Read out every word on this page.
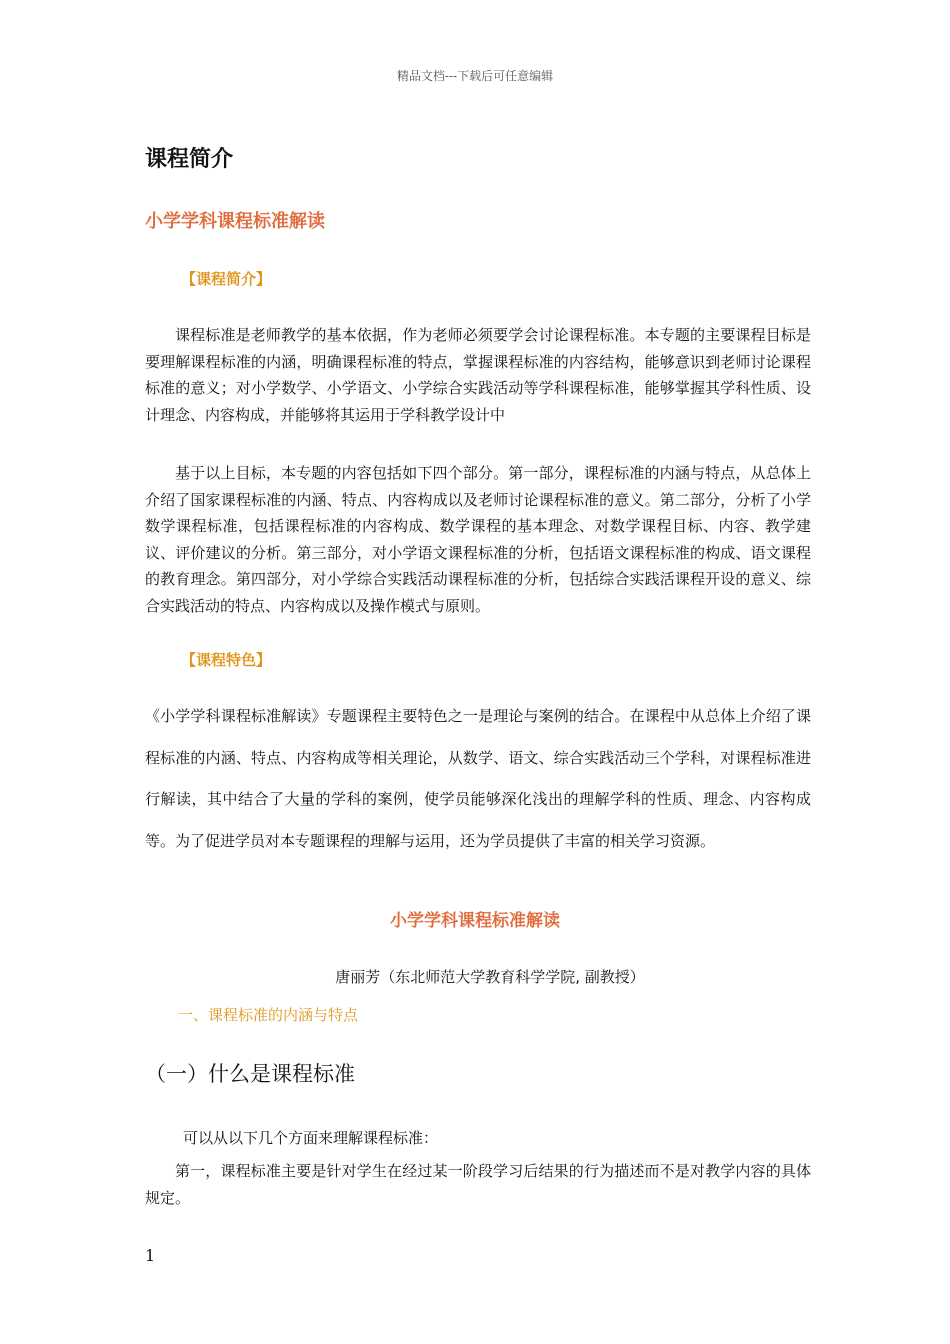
精品文档---下载后可任意编辑
课程简介
小学学科课程标准解读
【课程简介】

课程标准是老师教学的基本依据，作为老师必须要学会讨论课程标准。本专题的主要课程目标是要理解课程标准的内涵，明确课程标准的特点，掌握课程标准的内容结构，能够意识到老师讨论课程标准的意义；对小学数学、小学语文、小学综合实践活动等学科课程标准，能够掌握其学科性质、设计理念、内容构成，并能够将其运用于学科教学设计中

基于以上目标，本专题的内容包括如下四个部分。第一部分，课程标准的内涵与特点，从总体上介绍了国家课程标准的内涵、特点、内容构成以及老师讨论课程标准的意义。第二部分，分析了小学数学课程标准，包括课程标准的内容构成、数学课程的基本理念、对数学课程目标、内容、教学建议、评价建议的分析。第三部分，对小学语文课程标准的分析，包括语文课程标准的构成、语文课程的教育理念。第四部分，对小学综合实践活动课程标准的分析，包括综合实践活课程开设的意义、综合实践活动的特点、内容构成以及操作模式与原则。

【课程特色】
《小学学科课程标准解读》专题课程主要特色之一是理论与案例的结合。在课程中从总体上介绍了课程标准的内涵、特点、内容构成等相关理论，从数学、语文、综合实践活动三个学科，对课程标准进行解读，其中结合了大量的学科的案例，使学员能够深化浅出的理解学科的性质、理念、内容构成等。为了促进学员对本专题课程的理解与运用，还为学员提供了丰富的相关学习资源。
小学学科课程标准解读
唐丽芳（东北师范大学教育科学学院, 副教授）
一、课程标准的内涵与特点
（一）什么是课程标准
可以从以下几个方面来理解课程标准：

第一，课程标准主要是针对学生在经过某一阶段学习后结果的行为描述而不是对教学内容的具体规定。

1
